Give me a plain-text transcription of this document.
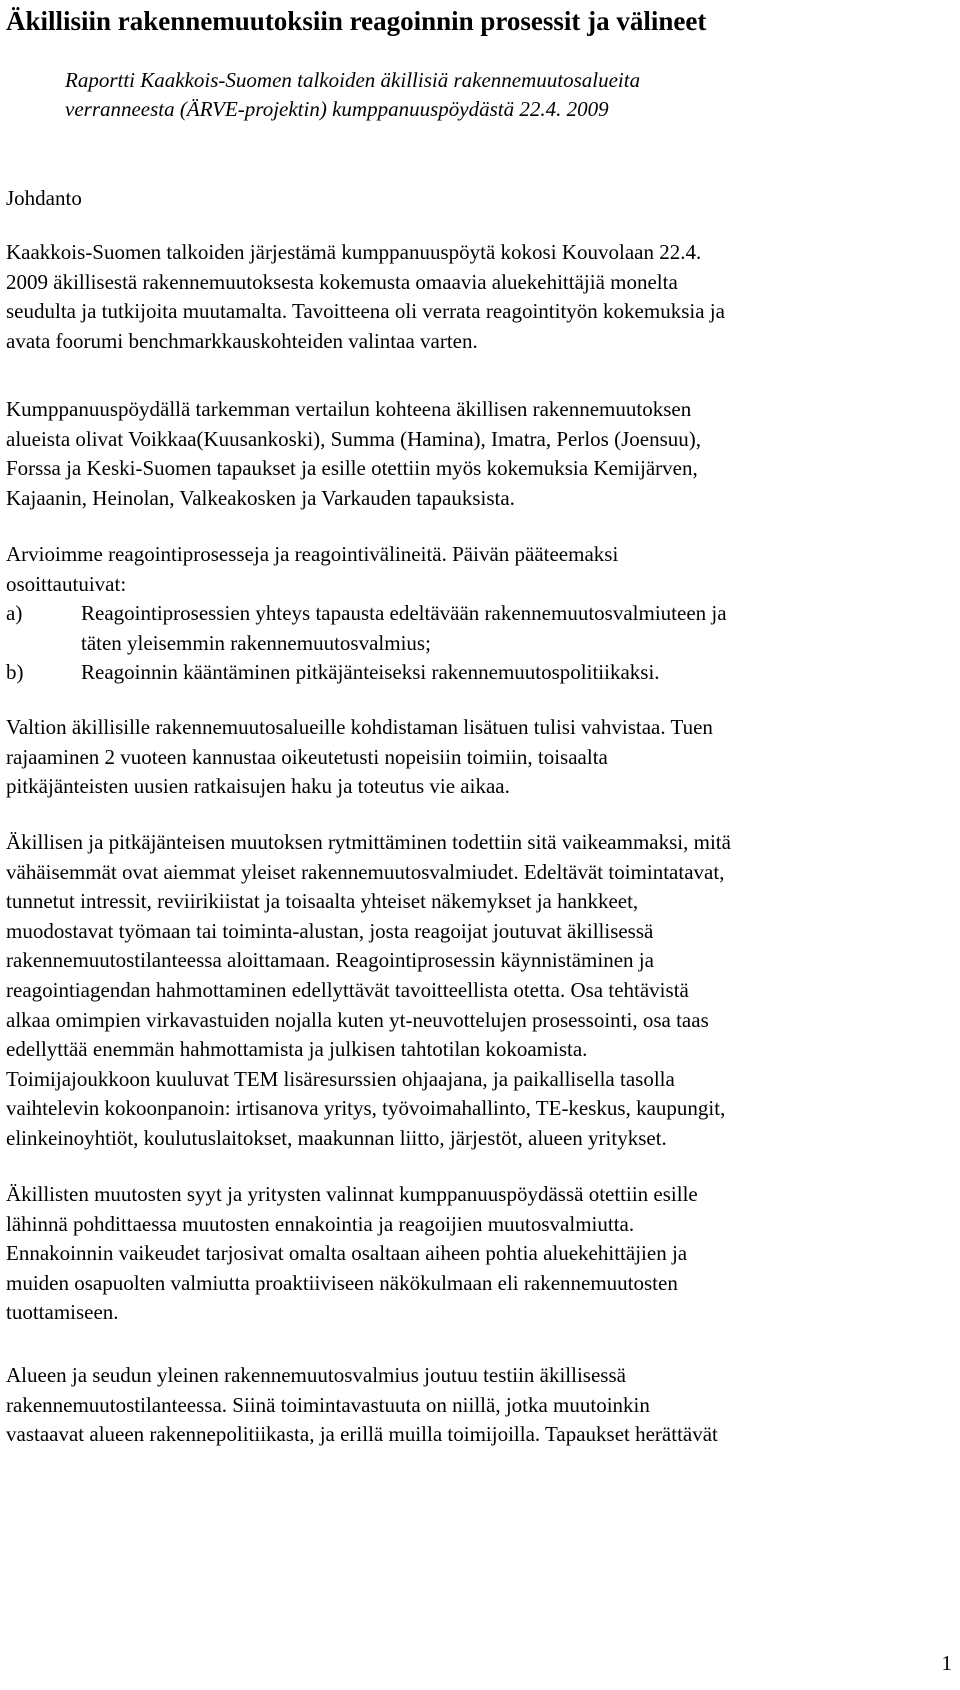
Äkillisiin rakennemuutoksiin reagoinnin prosessit ja välineet

Raportti Kaakkois-Suomen talkoiden äkillisiä rakennemuutosalueita
verranneesta (ÄRVE-projektin) kumppanuuspöydästä 22.4. 2009

Johdanto

Kaakkois-Suomen talkoiden järjestämä kumppanuuspöytä kokosi Kouvolaan 22.4.
2009 äkillisestä rakennemuutoksesta kokemusta omaavia aluekehittäjiä monelta
seudulta ja tutkijoita muutamalta. Tavoitteena oli verrata reagointityön kokemuksia ja
avata foorumi benchmarkkauskohteiden valintaa varten.

Kumppanuuspöydällä tarkemman vertailun kohteena äkillisen rakennemuutoksen
alueista olivat Voikkaa(Kuusankoski), Summa (Hamina), Imatra, Perlos (Joensuu),
Forssa ja Keski-Suomen tapaukset ja esille otettiin myös kokemuksia Kemijärven,
Kajaanin, Heinolan, Valkeakosken ja Varkauden tapauksista.

Arvioimme reagointiprosesseja ja reagointivälineitä. Päivän pääteemaksi
osoittautuivat:

a)	Reagointiprosessien yhteys tapausta edeltävään rakennemuutosvalmiuteen ja
täten yleisemmin rakennemuutosvalmius;
b)	Reagoinnin kääntäminen pitkäjänteiseksi rakennemuutospolitiikaksi.

Valtion äkillisille rakennemuutosalueille kohdistaman lisätuen tulisi vahvistaa. Tuen
rajaaminen 2 vuoteen kannustaa oikeutetusti nopeisiin toimiin, toisaalta
pitkäjänteisten uusien ratkaisujen haku ja toteutus vie aikaa.

Äkillisen ja pitkäjänteisen muutoksen rytmittäminen todettiin sitä vaikeammaksi, mitä
vähäisemmät ovat aiemmat yleiset rakennemuutosvalmiudet. Edeltävät toimintatavat,
tunnetut intressit, reviirikiistat ja toisaalta yhteiset näkemykset ja hankkeet,
muodostavat työmaan tai toiminta-alustan, josta reagoijat joutuvat äkillisessä
rakennemuutostilanteessa aloittamaan. Reagointiprosessin käynnistäminen ja
reagointiagendan hahmottaminen edellyttävät tavoitteellista otetta. Osa tehtävistä
alkaa omimpien virkavastuiden nojalla kuten yt-neuvottelujen prosessointi, osa taas
edellyttää enemmän hahmottamista ja julkisen tahtotilan kokoamista.
Toimijajoukkoon kuuluvat TEM lisäresurssien ohjaajana, ja paikallisella tasolla
vaihtelevin kokoonpanoin: irtisanova yritys, työvoimahallinto, TE-keskus, kaupungit,
elinkeinoyhtiöt, koulutuslaitokset, maakunnan liitto, järjestöt, alueen yritykset.

Äkillisten muutosten syyt ja yritysten valinnat kumppanuuspöydässä otettiin esille
lähinnä pohdittaessa muutosten ennakointia ja reagoijien muutosvalmiutta.
Ennakoinnin vaikeudet tarjosivat omalta osaltaan aiheen pohtia aluekehittäjien ja
muiden osapuolten valmiutta proaktiiviseen näkökulmaan eli rakennemuutosten
tuottamiseen.

Alueen ja seudun yleinen rakennemuutosvalmius joutuu testiin äkillisessä
rakennemuutostilanteessa. Siinä toimintavastuuta on niillä, jotka muutoinkin
vastaavat alueen rakennepolitiikasta, ja erillä muilla toimijoilla. Tapaukset herättävät

1
